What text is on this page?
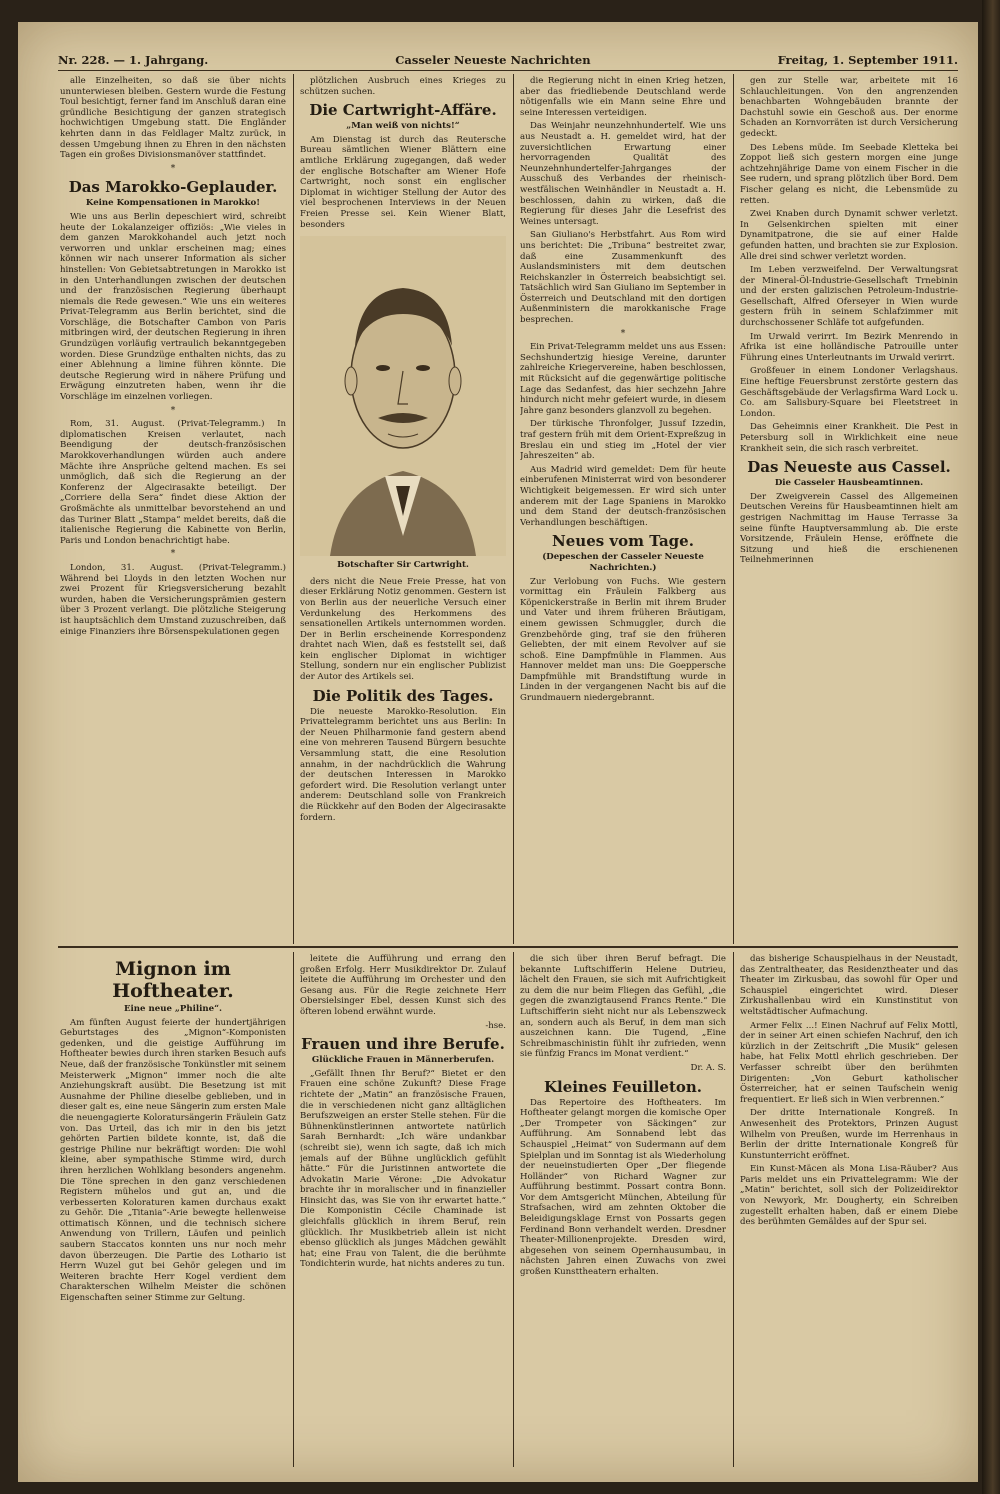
Nr. 228. — 1. Jahrgang.	Casseler Neueste Nachrichten	Freitag, 1. September 1911.

alle Einzelheiten, so daß sie über nichts ununterwiesen bleiben. Gestern wurde die Festung Toul besichtigt, ferner fand im Anschluß daran eine gründliche Besichtigung der ganzen strategisch hochwichtigen Umgebung statt. Die Engländer kehrten dann in das Feldlager Maltz zurück, in dessen Umgebung ihnen zu Ehren in den nächsten Tagen ein großes Divisionsmanöver stattfindet.

*
Das Marokko-Geplauder.
Keine Kompensationen in Marokko!

Wie uns aus Berlin depeschiert wird, schreibt heute der Lokalanzeiger offiziös: „Wie vieles in dem ganzen Marokkohandel auch jetzt noch verworren und unklar erscheinen mag; eines können wir nach unserer Information als sicher hinstellen: Von Gebietsabtretungen in Marokko ist in den Unterhandlungen zwischen der deutschen und der französischen Regierung überhaupt niemals die Rede gewesen.“ Wie uns ein weiteres Privat-Telegramm aus Berlin berichtet, sind die Vorschläge, die Botschafter Cambon von Paris mitbringen wird, der deutschen Regierung in ihren Grundzügen vorläufig vertraulich bekanntgegeben worden. Diese Grundzüge enthalten nichts, das zu einer Ablehnung a limine führen könnte. Die deutsche Regierung wird in nähere Prüfung und Erwägung einzutreten haben, wenn ihr die Vorschläge im einzelnen vorliegen.

*

Rom, 31. August. (Privat-Telegramm.) In diplomatischen Kreisen verlautet, nach Beendigung der deutsch-französischen Marokkoverhandlungen würden auch andere Mächte ihre Ansprüche geltend machen. Es sei unmöglich, daß sich die Regierung an der Konferenz der Algecirasakte beteiligt. Der „Corriere della Sera“ findet diese Aktion der Großmächte als unmittelbar bevorstehend an und das Turiner Blatt „Stampa“ meldet bereits, daß die italienische Regierung die Kabinette von Berlin, Paris und London benachrichtigt habe.

*

London, 31. August. (Privat-Telegramm.) Während bei Lloyds in den letzten Wochen nur zwei Prozent für Kriegsversicherung bezahlt wurden, haben die Versicherungsprämien gestern über 3 Prozent verlangt. Die plötzliche Steigerung ist hauptsächlich dem Umstand zuzuschreiben, daß einige Finanziers ihre Börsenspekulationen gegen

plötzlichen Ausbruch eines Krieges zu schützen suchen.

Die Cartwright-Affäre.
„Man weiß von nichts!“

Am Dienstag ist durch das Reutersche Bureau sämtlichen Wiener Blättern eine amtliche Erklärung zugegangen, daß weder der englische Botschafter am Wiener Hofe Cartwright, noch sonst ein englischer Diplomat in wichtiger Stellung der Autor des viel besprochenen Interviews in der Neuen Freien Presse sei. Kein Wiener Blatt, besonders

Botschafter Sir Cartwright.

ders nicht die Neue Freie Presse, hat von dieser Erklärung Notiz genommen. Gestern ist von Berlin aus der neuerliche Versuch einer Verdunkelung des Herkommens des sensationellen Artikels unternommen worden. Der in Berlin erscheinende Korrespondenz drahtet nach Wien, daß es feststellt sei, daß kein englischer Diplomat in wichtiger Stellung, sondern nur ein englischer Publizist der Autor des Artikels sei.

Die Politik des Tages.

Die neueste Marokko-Resolution. Ein Privattelegramm berichtet uns aus Berlin: In der Neuen Philharmonie fand gestern abend eine von mehreren Tausend Bürgern besuchte Versammlung statt, die eine Resolution annahm, in der nachdrücklich die Wahrung der deutschen Interessen in Marokko gefordert wird. Die Resolution verlangt unter anderem: Deutschland solle von Frankreich die Rückkehr auf den Boden der Algecirasakte fordern.

die Regierung nicht in einen Krieg hetzen, aber das friedliebende Deutschland werde nötigenfalls wie ein Mann seine Ehre und seine Interessen verteidigen.

Das Weinjahr neunzehnhundertelf. Wie uns aus Neustadt a. H. gemeldet wird, hat der zuversichtlichen Erwartung einer hervorragenden Qualität des Neunzehnhundertelfer-Jahrganges der Ausschuß des Verbandes der rheinisch-westfälischen Weinhändler in Neustadt a. H. beschlossen, dahin zu wirken, daß die Regierung für dieses Jahr die Lesefrist des Weines untersagt.

San Giuliano's Herbstfahrt. Aus Rom wird uns berichtet: Die „Tribuna“ bestreitet zwar, daß eine Zusammenkunft des Auslandsministers mit dem deutschen Reichskanzler in Österreich beabsichtigt sei. Tatsächlich wird San Giuliano im September in Österreich und Deutschland mit den dortigen Außenministern die marokkanische Frage besprechen.

*

Ein Privat-Telegramm meldet uns aus Essen: Sechshundertzig hiesige Vereine, darunter zahlreiche Kriegervereine, haben beschlossen, mit Rücksicht auf die gegenwärtige politische Lage das Sedanfest, das hier sechzehn Jahre hindurch nicht mehr gefeiert wurde, in diesem Jahre ganz besonders glanzvoll zu begehen.

Der türkische Thronfolger, Jussuf Izzedin, traf gestern früh mit dem Orient-Expreßzug in Breslau ein und stieg im „Hotel der vier Jahreszeiten“ ab.

Aus Madrid wird gemeldet: Dem für heute einberufenen Ministerrat wird von besonderer Wichtigkeit beigemessen. Er wird sich unter anderem mit der Lage Spaniens in Marokko und dem Stand der deutsch-französischen Verhandlungen beschäftigen.

Neues vom Tage.
(Depeschen der Casseler Neueste Nachrichten.)

Zur Verlobung von Fuchs. Wie gestern vormittag ein Fräulein Falkberg aus Köpenickerstraße in Berlin mit ihrem Bruder und Vater und ihrem früheren Bräutigam, einem gewissen Schmuggler, durch die Grenzbehörde ging, traf sie den früheren Geliebten, der mit einem Revolver auf sie schoß. Eine Dampfmühle in Flammen. Aus Hannover meldet man uns: Die Goeppersche Dampfmühle mit Brandstiftung wurde in Linden in der vergangenen Nacht bis auf die Grundmauern niedergebrannt.

gen zur Stelle war, arbeitete mit 16 Schlauchleitungen. Von den angrenzenden benachbarten Wohngebäuden brannte der Dachstuhl sowie ein Geschoß aus. Der enorme Schaden an Kornvorräten ist durch Versicherung gedeckt.

Des Lebens müde. Im Seebade Kletteka bei Zoppot ließ sich gestern morgen eine junge achtzehnjährige Dame von einem Fischer in die See rudern, und sprang plötzlich über Bord. Dem Fischer gelang es nicht, die Lebensmüde zu retten.

Zwei Knaben durch Dynamit schwer verletzt. In Gelsenkirchen spielten mit einer Dynamitpatrone, die sie auf einer Halde gefunden hatten, und brachten sie zur Explosion. Alle drei sind schwer verletzt worden.

Im Leben verzweifelnd. Der Verwaltungsrat der Mineral-Öl-Industrie-Gesellschaft Trnebinin und der ersten galizischen Petroleum-Industrie-Gesellschaft, Alfred Oferseyer in Wien wurde gestern früh in seinem Schlafzimmer mit durchschossener Schläfe tot aufgefunden.

Im Urwald verirrt. Im Bezirk Menrendo in Afrika ist eine holländische Patrouille unter Führung eines Unterleutnants im Urwald verirrt.

Großfeuer in einem Londoner Verlagshaus. Eine heftige Feuersbrunst zerstörte gestern das Geschäftsgebäude der Verlagsfirma Ward Lock u. Co. am Salisbury-Square bei Fleetstreet in London.

Das Geheimnis einer Krankheit. Die Pest in Petersburg soll in Wirklichkeit eine neue Krankheit sein, die sich rasch verbreitet.

Das Neueste aus Cassel.
Die Casseler Hausbeamtinnen.

Der Zweigverein Cassel des Allgemeinen Deutschen Vereins für Hausbeamtinnen hielt am gestrigen Nachmittag im Hause Terrasse 3a seine fünfte Hauptversammlung ab. Die erste Vorsitzende, Fräulein Hense, eröffnete die Sitzung und hieß die erschienenen Teilnehmerinnen

Mignon im Hoftheater.
Eine neue „Philine“.

Am fünften August feierte der hundertjährigen Geburtstages des „Mignon“-Komponisten gedenken, und die geistige Aufführung im Hoftheater bewies durch ihren starken Besuch aufs Neue, daß der französische Tonkünstler mit seinem Meisterwerk „Mignon“ immer noch die alte Anziehungskraft ausübt. Die Besetzung ist mit Ausnahme der Philine dieselbe geblieben, und in dieser galt es, eine neue Sängerin zum ersten Male die neuengagierte Koloratursängerin Fräulein Gatz von. Das Urteil, das ich mir in den bis jetzt gehörten Partien bildete konnte, ist, daß die gestrige Philine nur bekräftigt worden: Die wohl kleine, aber sympathische Stimme wird, durch ihren herzlichen Wohlklang besonders angenehm. Die Töne sprechen in den ganz verschiedenen Registern mühelos und gut an, und die verbesserten Koloraturen kamen durchaus exakt zu Gehör. Die „Titania“-Arie bewegte hellenweise ottimatisch Können, und die technisch sichere Anwendung von Trillern, Läufen und peinlich saubern Staccatos konnten uns nur noch mehr davon überzeugen. Die Partie des Lothario ist Herrn Wuzel gut bei Gehör gelegen und im Weiteren brachte Herr Kogel verdient dem Charakterschen Wilhelm Meister die schönen Eigenschaften seiner Stimme zur Geltung.

leitete die Aufführung und errang den großen Erfolg. Herr Musikdirektor Dr. Zulauf leitete die Aufführung im Orchester und den Gesang aus. Für die Regie zeichnete Herr Obersielsinger Ebel, dessen Kunst sich des öfteren lobend erwähnt wurde.

-hse.
Frauen und ihre Berufe.
Glückliche Frauen in Männerberufen.

„Gefällt Ihnen Ihr Beruf?“ Bietet er den Frauen eine schöne Zukunft? Diese Frage richtete der „Matin“ an französische Frauen, die in verschiedenen nicht ganz alltäglichen Berufszweigen an erster Stelle stehen. Für die Bühnenkünstlerinnen antwortete natürlich Sarah Bernhardt: „Ich wäre undankbar (schreibt sie), wenn ich sagte, daß ich mich jemals auf der Bühne unglücklich gefühlt hätte.“ Für die Juristinnen antwortete die Advokatin Marie Vérone: „Die Advokatur brachte ihr in moralischer und in finanzieller Hinsicht das, was Sie von ihr erwartet hatte.“ Die Komponistin Cécile Chaminade ist gleichfalls glücklich in ihrem Beruf, rein glücklich. Ihr Musikbetrieb allein ist nicht ebenso glücklich als junges Mädchen gewählt hat; eine Frau von Talent, die die berühmte Tondichterin wurde, hat nichts anderes zu tun.

die sich über ihren Beruf befragt. Die bekannte Luftschifferin Helene Dutrieu, lächelt den Frauen, sie sich mit Aufrichtigkeit zu dem die nur beim Fliegen das Gefühl, „die gegen die zwanzigtausend Francs Rente.“ Die Luftschifferin sieht nicht nur als Lebenszweck an, sondern auch als Beruf, in dem man sich auszeichnen kann. Die Tugend, „Eine Schreibmaschinistin fühlt ihr zufrieden, wenn sie fünfzig Francs im Monat verdient.“

Dr. A. S.
Kleines Feuilleton.

Das Repertoire des Hoftheaters. Im Hoftheater gelangt morgen die komische Oper „Der Trompeter von Säckingen“ zur Aufführung. Am Sonnabend lebt das Schauspiel „Heimat“ von Sudermann auf dem Spielplan und im Sonntag ist als Wiederholung der neueinstudierten Oper „Der fliegende Holländer“ von Richard Wagner zur Aufführung bestimmt. Possart contra Bonn. Vor dem Amtsgericht München, Abteilung für Strafsachen, wird am zehnten Oktober die Beleidigungsklage Ernst von Possarts gegen Ferdinand Bonn verhandelt werden. Dresdner Theater-Millionenprojekte. Dresden wird, abgesehen von seinem Opernhausumbau, in nächsten Jahren einen Zuwachs von zwei großen Kunsttheatern erhalten.

das bisherige Schauspielhaus in der Neustadt, das Zentraltheater, das Residenztheater und das Theater im Zirkusbau, das sowohl für Oper und Schauspiel eingerichtet wird. Dieser Zirkushallenbau wird ein Kunstinstitut von weltstädtischer Aufmachung.

Armer Felix ...! Einen Nachruf auf Felix Mottl, der in seiner Art einen schiefen Nachruf, den ich kürzlich in der Zeitschrift „Die Musik“ gelesen habe, hat Felix Mottl ehrlich geschrieben. Der Verfasser schreibt über den berühmten Dirigenten: „Von Geburt katholischer Österreicher, hat er seinen Taufschein wenig frequentiert. Er ließ sich in Wien verbrennen.“

Der dritte Internationale Kongreß. In Anwesenheit des Protektors, Prinzen August Wilhelm von Preußen, wurde im Herrenhaus in Berlin der dritte Internationale Kongreß für Kunstunterricht eröffnet.

Ein Kunst-Mäcen als Mona Lisa-Räuber? Aus Paris meldet uns ein Privattelegramm: Wie der „Matin“ berichtet, soll sich der Polizeidirektor von Newyork, Mr. Dougherty, ein Schreiben zugestellt erhalten haben, daß er einem Diebe des berühmten Gemäldes auf der Spur sei.
